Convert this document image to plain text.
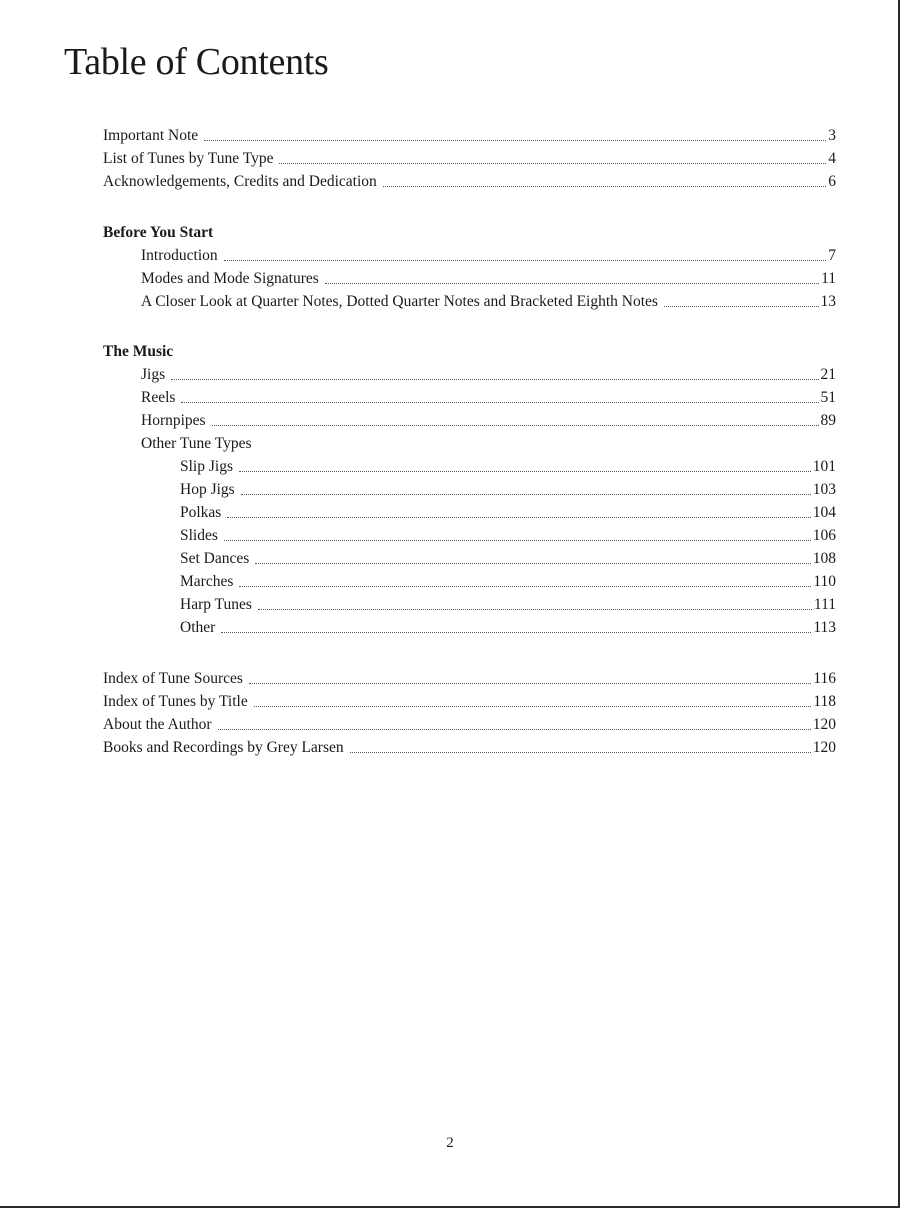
Table of Contents
Important Note	3
List of Tunes by Tune Type	4
Acknowledgements, Credits and Dedication	6
Before You Start
Introduction	7
Modes and Mode Signatures	11
A Closer Look at Quarter Notes, Dotted Quarter Notes and Bracketed Eighth Notes	13
The Music
Jigs	21
Reels	51
Hornpipes	89
Other Tune Types
Slip Jigs	101
Hop Jigs	103
Polkas	104
Slides	106
Set Dances	108
Marches	110
Harp Tunes	111
Other	113
Index of Tune Sources	116
Index of Tunes by Title	118
About the Author	120
Books and Recordings by Grey Larsen	120
2
